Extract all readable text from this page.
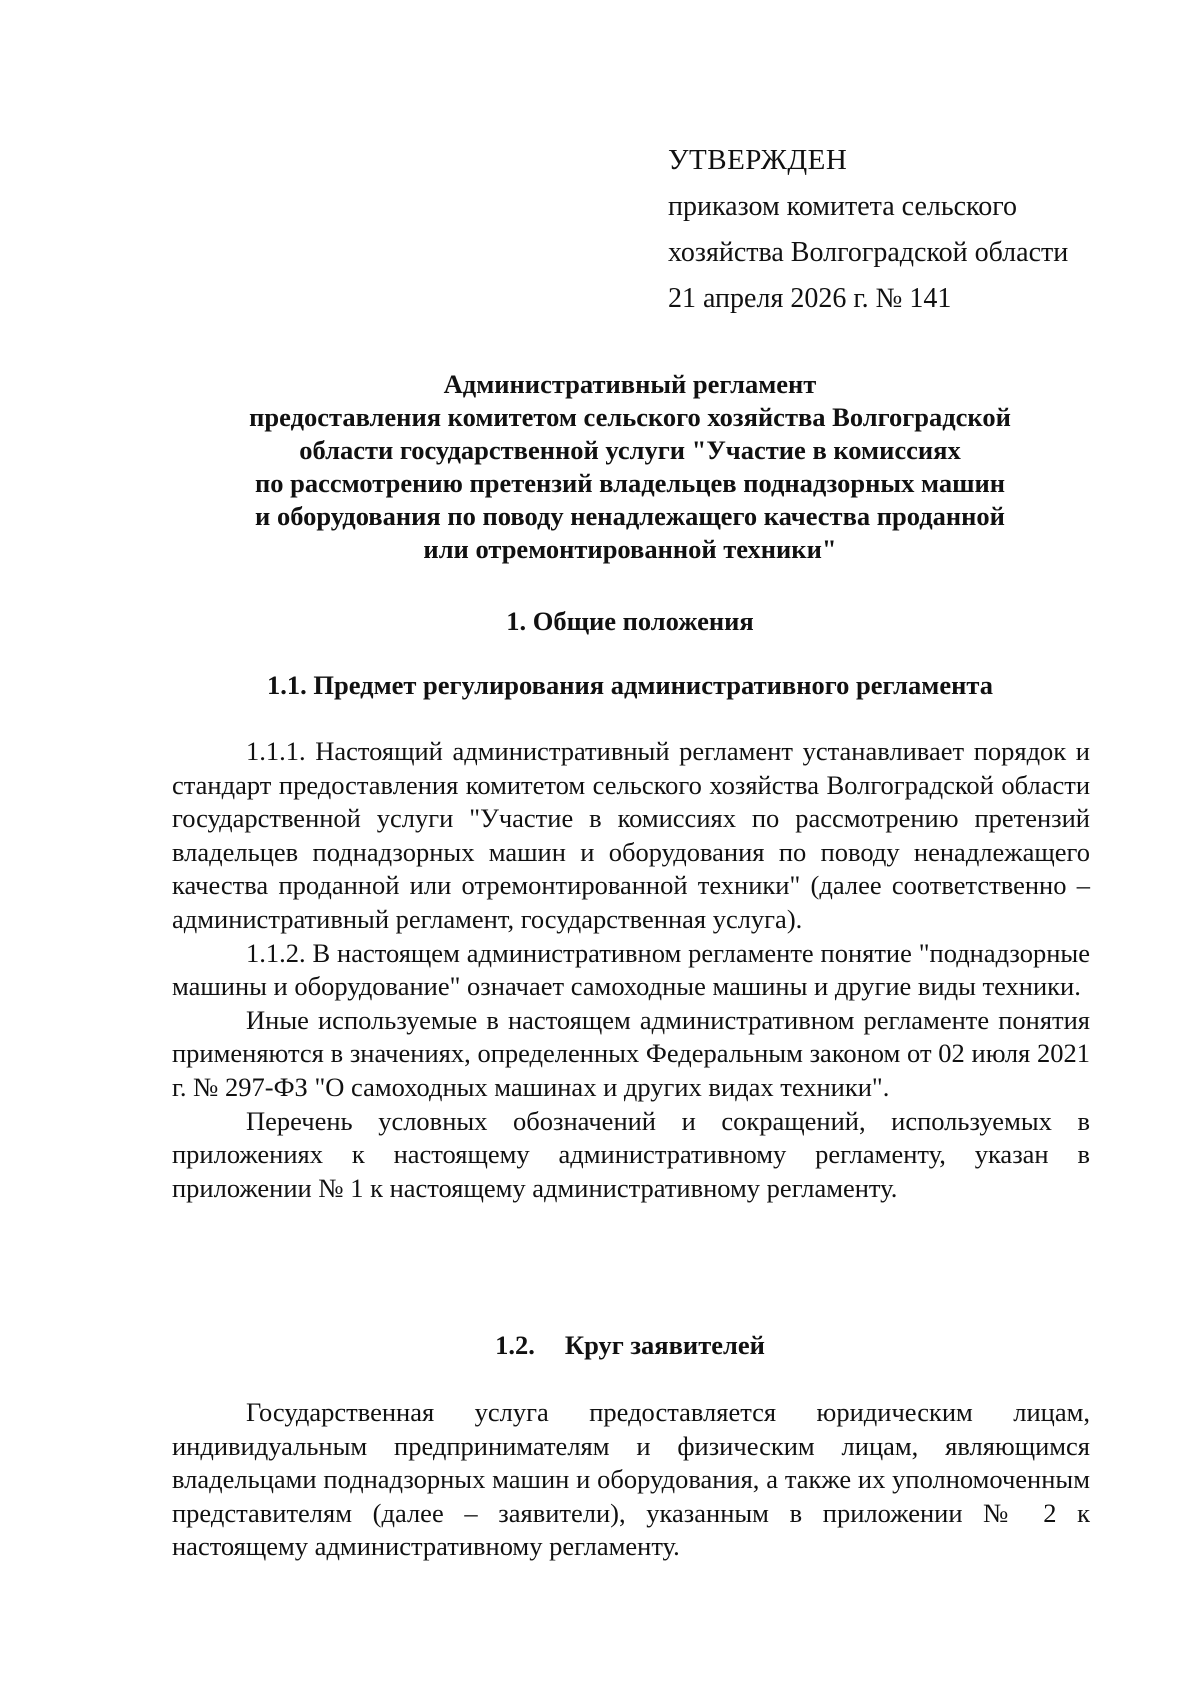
УТВЕРЖДЕН
приказом комитета сельского
хозяйства Волгоградской области
21 апреля 2026 г. № 141
Административный регламент
предоставления комитетом сельского хозяйства Волгоградской
области государственной услуги "Участие в комиссиях
по рассмотрению претензий владельцев поднадзорных машин
и оборудования по поводу ненадлежащего качества проданной
или отремонтированной техники"
1. Общие положения
1.1. Предмет регулирования административного регламента

1.1.1. Настоящий административный регламент устанавливает порядок и стандарт предоставления комитетом сельского хозяйства Волгоградской области государственной услуги "Участие в комиссиях по рассмотрению претензий владельцев поднадзорных машин и оборудования по поводу ненадлежащего качества проданной или отремонтированной техники" (далее соответственно – административный регламент, государственная услуга).

1.1.2. В настоящем административном регламенте понятие "поднадзорные машины и оборудование" означает самоходные машины и другие виды техники.

Иные используемые в настоящем административном регламенте понятия применяются в значениях, определенных Федеральным законом от 02 июля 2021 г. № 297-ФЗ "О самоходных машинах и других видах техники".

Перечень условных обозначений и сокращений, используемых в приложениях к настоящему административному регламенту, указан в приложении № 1 к настоящему административному регламенту.

1.2. Круг заявителей

Государственная услуга предоставляется юридическим лицам, индивидуальным предпринимателям и физическим лицам, являющимся владельцами поднадзорных машин и оборудования, а также их уполномоченным представителям (далее – заявители), указанным в приложении № 2 к настоящему административному регламенту.
